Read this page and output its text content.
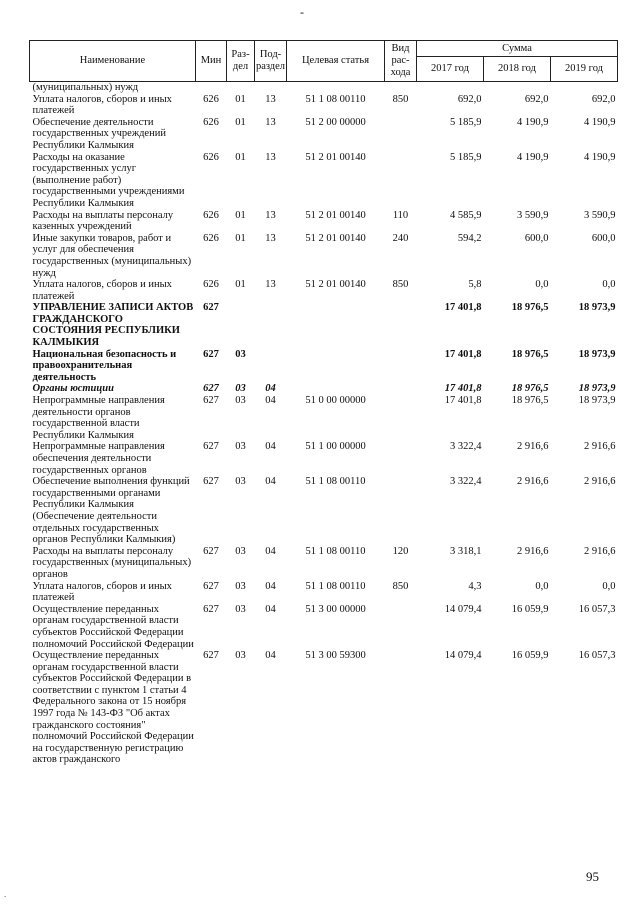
-
Наименование	Мин	Раз-дел	Под-раздел	Целевая статья	Вид рас-хода	Сумма		
						2017 год	2018 год	2019 год
(муниципальных) нужд								
Уплата налогов, сборов и иных платежей	626	01	13	51 1 08 00110	850	692,0	692,0	692,0
Обеспечение деятельности государственных учреждений Республики Калмыкия	626	01	13	51 2 00 00000		5 185,9	4 190,9	4 190,9
Расходы на оказание государственных услуг (выполнение работ) государственными учреждениями Республики Калмыкия	626	01	13	51 2 01 00140		5 185,9	4 190,9	4 190,9
Расходы на выплаты персоналу казенных учреждений	626	01	13	51 2 01 00140	110	4 585,9	3 590,9	3 590,9
Иные закупки товаров, работ и услуг для обеспечения государственных (муниципальных) нужд	626	01	13	51 2 01 00140	240	594,2	600,0	600,0
Уплата налогов, сборов и иных платежей	626	01	13	51 2 01 00140	850	5,8	0,0	0,0
УПРАВЛЕНИЕ ЗАПИСИ АКТОВ ГРАЖДАНСКОГО СОСТОЯНИЯ РЕСПУБЛИКИ КАЛМЫКИЯ	627					17 401,8	18 976,5	18 973,9
Национальная безопасность и правоохранительная деятельность	627	03				17 401,8	18 976,5	18 973,9
Органы юстиции	627	03	04			17 401,8	18 976,5	18 973,9
Непрограммные направления деятельности органов государственной власти Республики Калмыкия	627	03	04	51 0 00 00000		17 401,8	18 976,5	18 973,9
Непрограммные направления обеспечения деятельности государственных органов	627	03	04	51 1 00 00000		3 322,4	2 916,6	2 916,6
Обеспечение выполнения функций государственными органами Республики Калмыкия (Обеспечение деятельности отдельных государственных органов Республики Калмыкия)	627	03	04	51 1 08 00110		3 322,4	2 916,6	2 916,6
Расходы на выплаты персоналу государственных (муниципальных) органов	627	03	04	51 1 08 00110	120	3 318,1	2 916,6	2 916,6
Уплата налогов, сборов и иных платежей	627	03	04	51 1 08 00110	850	4,3	0,0	0,0
Осуществление переданных органам государственной власти субъектов Российской Федерации полномочий Российской Федерации	627	03	04	51 3 00 00000		14 079,4	16 059,9	16 057,3
Осуществление переданных органам государственной власти субъектов Российской Федерации в соответствии с пунктом 1 статьи 4 Федерального закона от 15 ноября 1997 года № 143-ФЗ "Об актах гражданского состояния" полномочий Российской Федерации на государственную регистрацию актов гражданского	627	03	04	51 3 00 59300		14 079,4	16 059,9	16 057,3
95
.
